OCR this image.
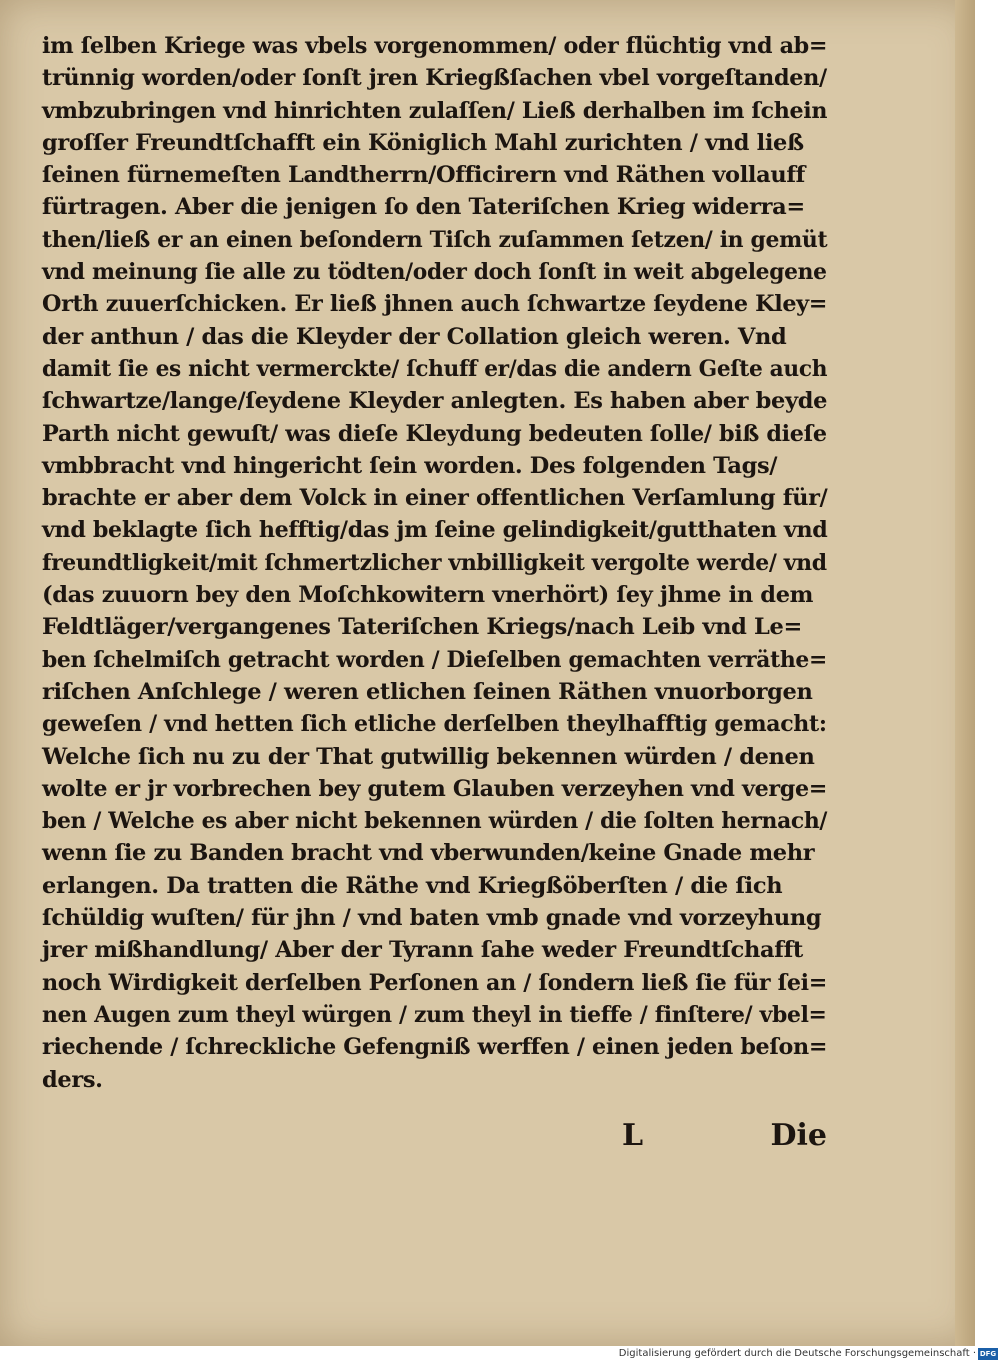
im ſelben Kriege was vbels vorgenommen/ oder flüchtig vnd ab=
trünnig worden/oder ſonſt jren Kriegßſachen vbel vorgeſtanden/
vmbzubringen vnd hinrichten zulaſſen/ Ließ derhalben im ſchein
groſſer Freundtſchafft ein Königlich Mahl zurichten / vnd ließ
ſeinen fürnemeſten Landtherrn/Officirern vnd Räthen vollauff
fürtragen. Aber die jenigen ſo den Tateriſchen Krieg widerra=
then/ließ er an einen beſondern Tiſch zuſammen ſetzen/ in gemüt
vnd meinung ſie alle zu tödten/oder doch ſonſt in weit abgelegene
Orth zuuerſchicken. Er ließ jhnen auch ſchwartze ſeydene Kley=
der anthun / das die Kleyder der Collation gleich weren. Vnd
damit ſie es nicht vermerckte/ ſchuff er/das die andern Geſte auch
ſchwartze/lange/ſeydene Kleyder anlegten. Es haben aber beyde
Parth nicht gewuſt/ was dieſe Kleydung bedeuten ſolle/ biß dieſe
vmbbracht vnd hingericht ſein worden. Des folgenden Tags/
brachte er aber dem Volck in einer offentlichen Verſamlung für/
vnd beklagte ſich hefftig/das jm ſeine gelindigkeit/gutthaten vnd
freundtligkeit/mit ſchmertzlicher vnbilligkeit vergolte werde/ vnd
(das zuuorn bey den Moſchkowitern vnerhört) ſey jhme in dem
Feldtläger/vergangenes Tateriſchen Kriegs/nach Leib vnd Le=
ben ſchelmiſch getracht worden / Dieſelben gemachten verräthe=
riſchen Anſchlege / weren etlichen ſeinen Räthen vnuorborgen
geweſen / vnd hetten ſich etliche derſelben theylhafftig gemacht:
Welche ſich nu zu der That gutwillig bekennen würden / denen
wolte er jr vorbrechen bey gutem Glauben verzeyhen vnd verge=
ben / Welche es aber nicht bekennen würden / die ſolten hernach/
wenn ſie zu Banden bracht vnd vberwunden/keine Gnade mehr
erlangen. Da tratten die Räthe vnd Kriegßöberſten / die ſich
ſchüldig wuſten/ für jhn / vnd baten vmb gnade vnd vorzeyhung
jrer mißhandlung/ Aber der Tyrann ſahe weder Freundtſchafft
noch Wirdigkeit derſelben Perſonen an / ſondern ließ ſie für ſei=
nen Augen zum theyl würgen / zum theyl in tieffe / finſtere/ vbel=
riechende / ſchreckliche Gefengniß werffen / einen jeden beſon=
ders.
L	Die
Digitalisierung gefördert durch die Deutsche Forschungsgemeinschaft · DFG
